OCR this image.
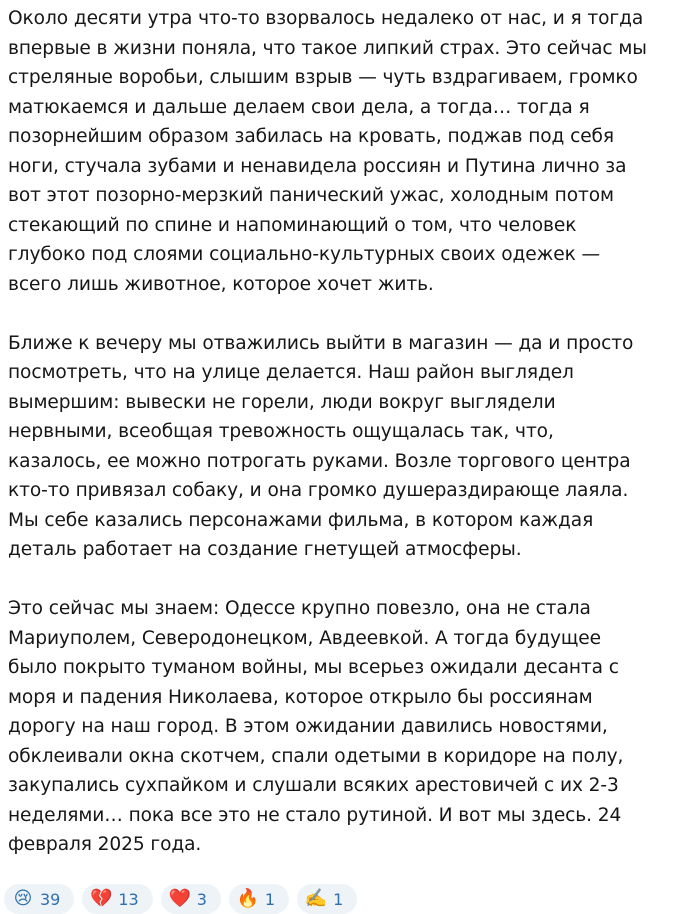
Около десяти утра что-то взорвалось недалеко от нас, и я тогда
впервые в жизни поняла, что такое липкий страх. Это сейчас мы
стреляные воробьи, слышим взрыв — чуть вздрагиваем, громко
матюкаемся и дальше делаем свои дела, а тогда… тогда я
позорнейшим образом забилась на кровать, поджав под себя
ноги, стучала зубами и ненавидела россиян и Путина лично за
вот этот позорно-мерзкий панический ужас, холодным потом
стекающий по спине и напоминающий о том, что человек
глубоко под слоями социально-культурных своих одежек —
всего лишь животное, которое хочет жить.
Ближе к вечеру мы отважились выйти в магазин — да и просто
посмотреть, что на улице делается. Наш район выглядел
вымершим: вывески не горели, люди вокруг выглядели
нервными, всеобщая тревожность ощущалась так, что,
казалось, ее можно потрогать руками. Возле торгового центра
кто-то привязал собаку, и она громко душераздирающе лаяла.
Мы себе казались персонажами фильма, в котором каждая
деталь работает на создание гнетущей атмосферы.
Это сейчас мы знаем: Одессе крупно повезло, она не стала
Мариуполем, Северодонецком, Авдеевкой. А тогда будущее
было покрыто туманом войны, мы всерьез ожидали десанта с
моря и падения Николаева, которое открыло бы россиянам
дорогу на наш город. В этом ожидании давились новостями,
обклеивали окна скотчем, спали одетыми в коридоре на полу,
закупались сухпайком и слушали всяких арестовичей с их 2-3
неделями… пока все это не стало рутиной. И вот мы здесь. 24
февраля 2025 года.
😢 39 💔 13 ❤️ 3 🔥 1 ✍️ 1
